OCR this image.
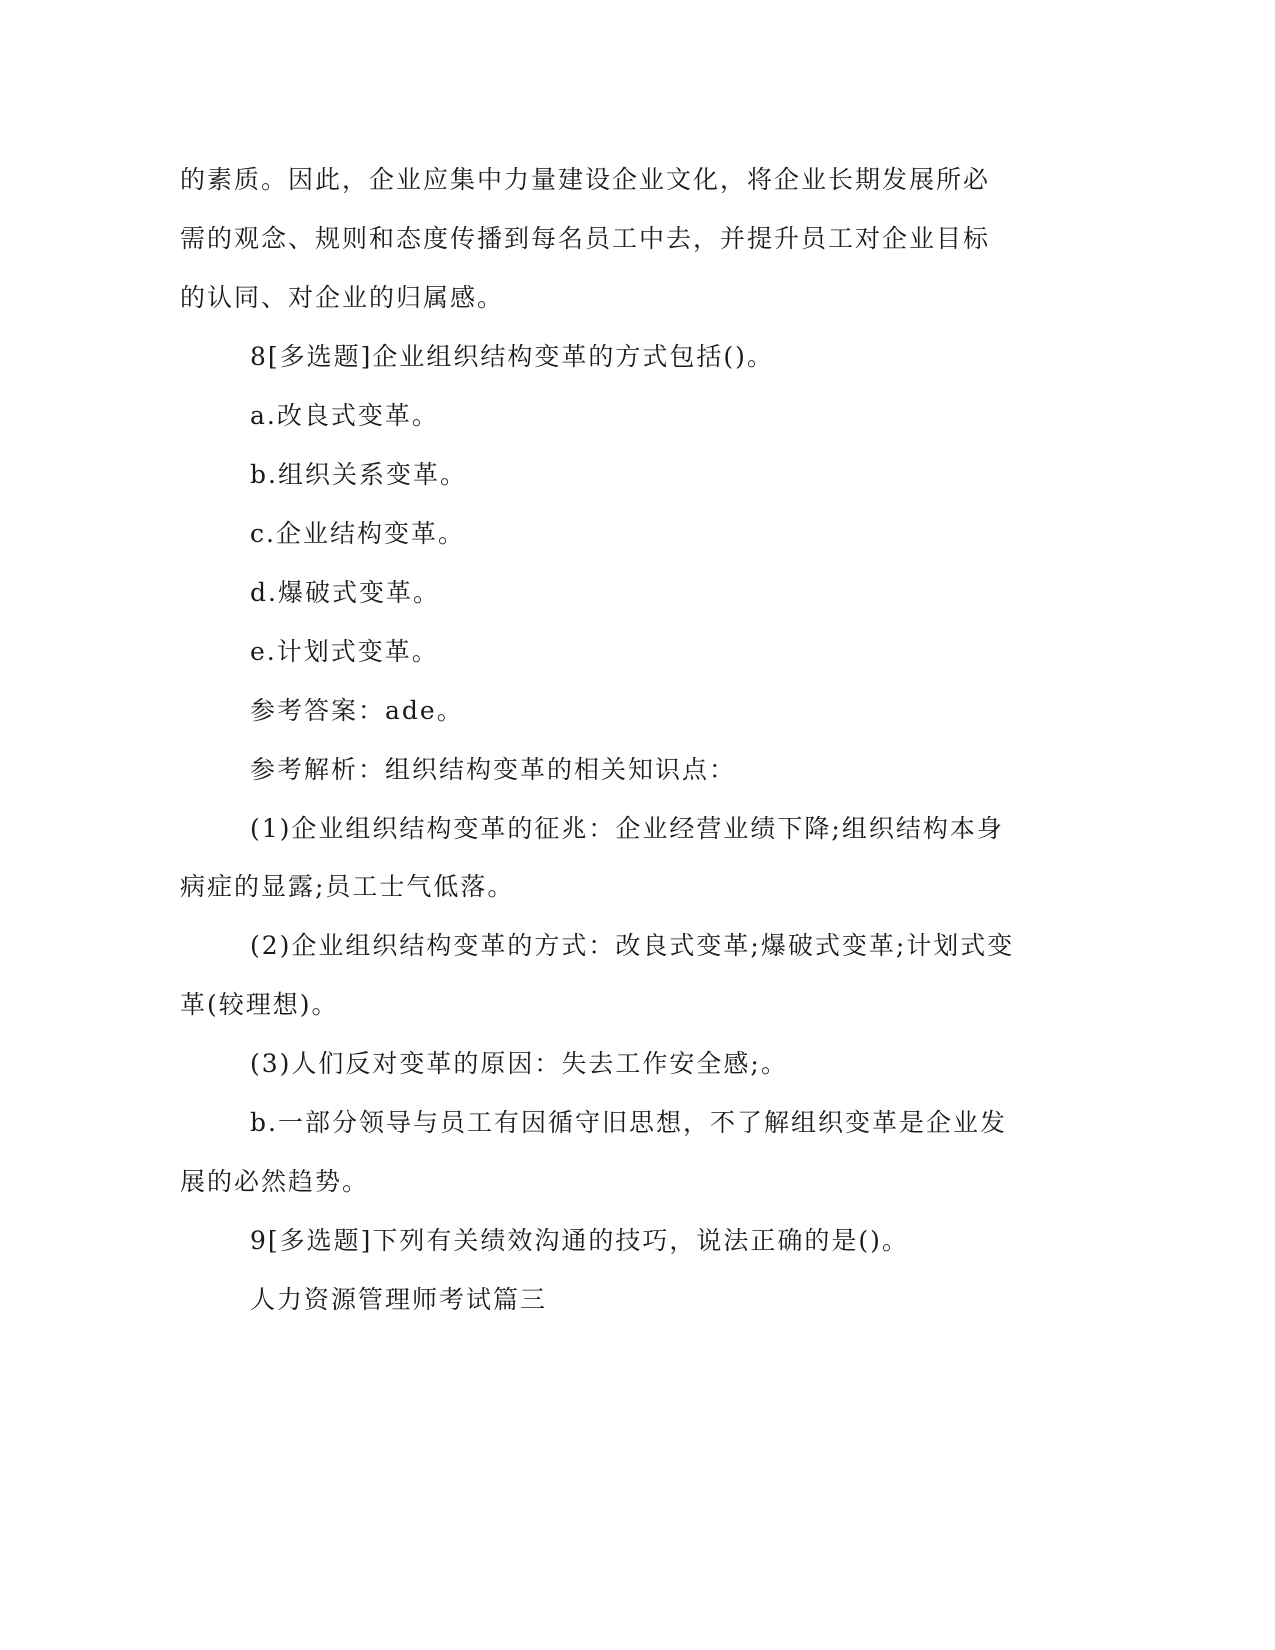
的素质。因此，企业应集中力量建设企业文化，将企业长期发展所必
需的观念、规则和态度传播到每名员工中去，并提升员工对企业目标
的认同、对企业的归属感。
8[多选题]企业组织结构变革的方式包括()。
a.改良式变革。
b.组织关系变革。
c.企业结构变革。
d.爆破式变革。
e.计划式变革。
参考答案：ade。
参考解析：组织结构变革的相关知识点：
(1)企业组织结构变革的征兆：企业经营业绩下降;组织结构本身
病症的显露;员工士气低落。
(2)企业组织结构变革的方式：改良式变革;爆破式变革;计划式变
革(较理想)。
(3)人们反对变革的原因：失去工作安全感;。
b.一部分领导与员工有因循守旧思想，不了解组织变革是企业发
展的必然趋势。
9[多选题]下列有关绩效沟通的技巧，说法正确的是()。
人力资源管理师考试篇三
